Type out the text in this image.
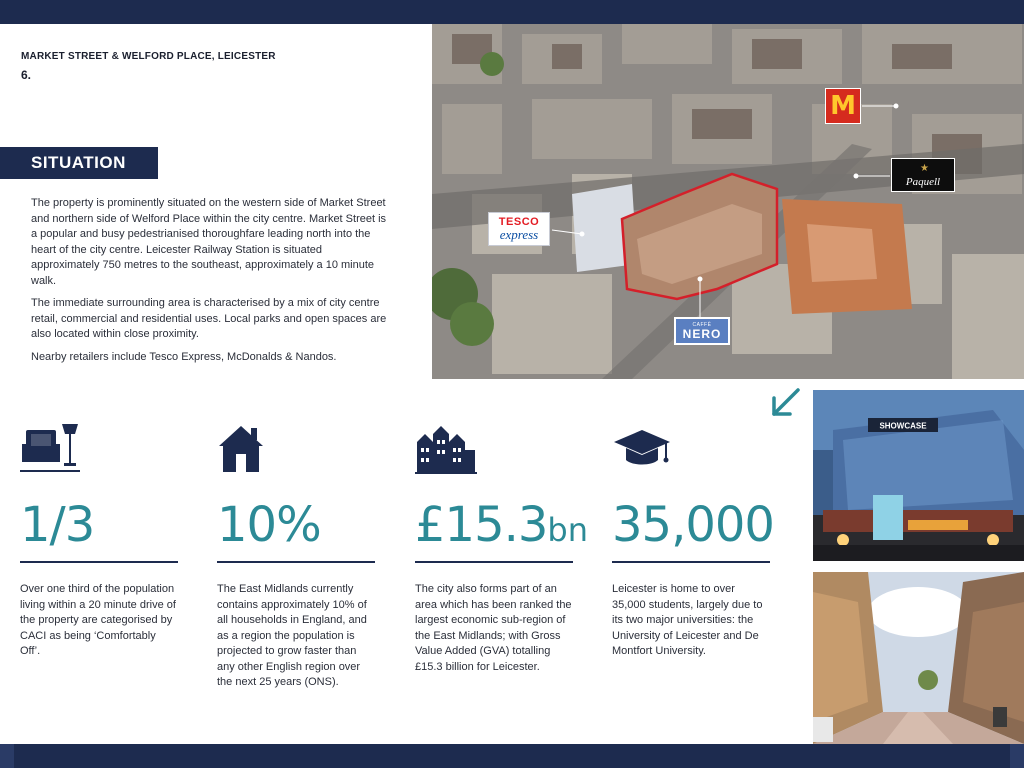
MARKET STREET & WELFORD PLACE, LEICESTER
6.
SITUATION

The property is prominently situated on the western side of Market Street and northern side of Welford Place within the city centre. Market Street is a popular and busy pedestrianised thoroughfare leading north into the heart of the city centre. Leicester Railway Station is situated approximately 750 metres to the southeast, approximately a 10 minute walk.

The immediate surrounding area is characterised by a mix of city centre retail, commercial and residential uses. Local parks and open spaces are also located within close proximity.

Nearby retailers include Tesco Express, McDonalds & Nandos.

M
★
Paquell
TESCO
express
CAFFÈ
NERO
SHOWCASE
1/3
Over one third of the population living within a 20 minute drive of the property are categorised by CACI as being ‘Comfortably Off’.
10%
The East Midlands currently contains approximately 10% of all households in England, and as a region the population is projected to grow faster than any other English region over the next 25 years (ONS).
£15.3bn
The city also forms part of an area which has been ranked the largest economic sub-region of the East Midlands; with Gross Value Added (GVA) totalling £15.3 billion for Leicester.
35,000
Leicester is home to over 35,000 students, largely due to its two major universities: the University of Leicester and De Montfort University.
